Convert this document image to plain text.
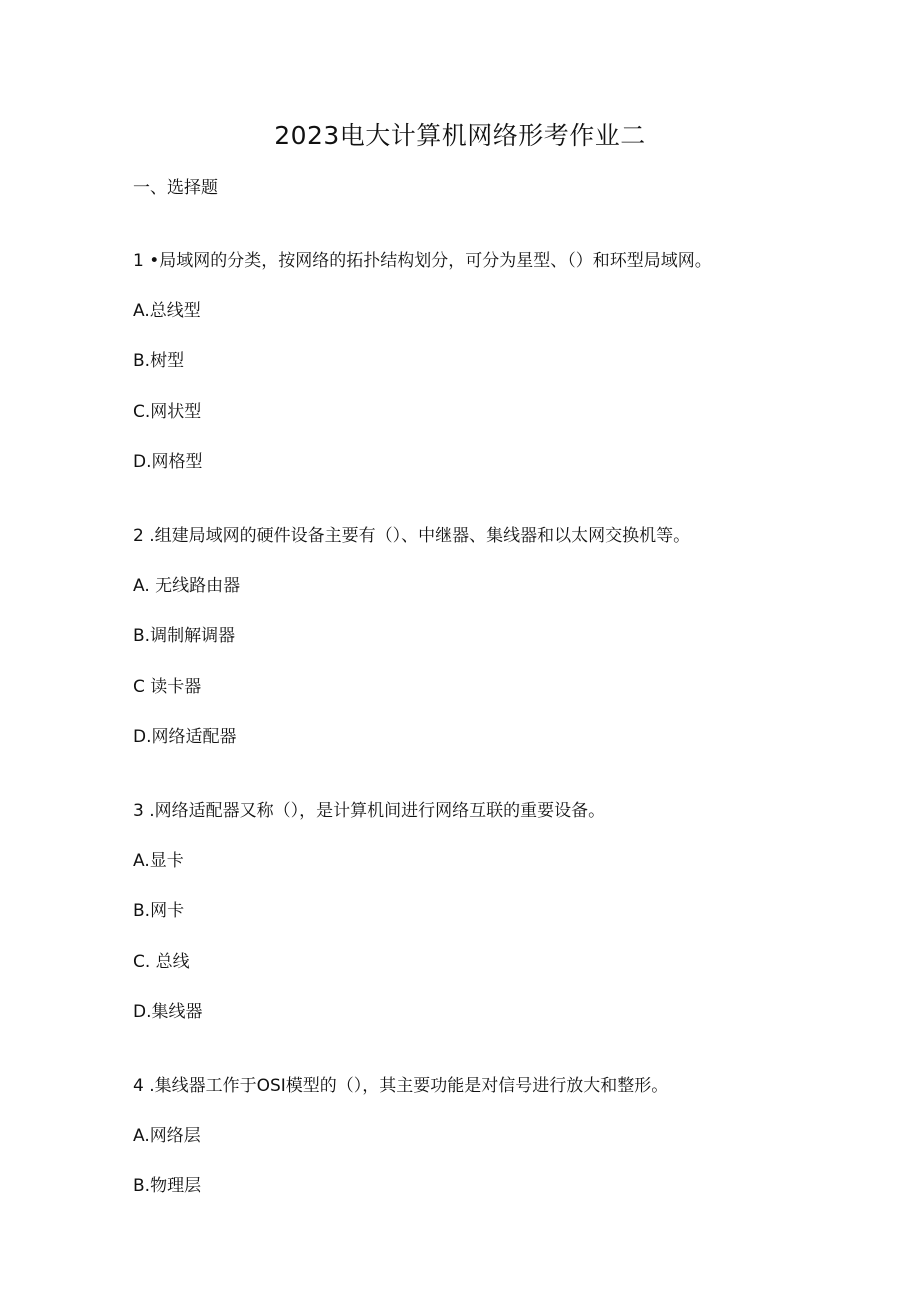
2023电大计算机网络形考作业二

一、选择题

1 •局域网的分类，按网络的拓扑结构划分，可分为星型、（）和环型局域网。

A.总线型

B.树型

C.网状型

D.网格型

2 .组建局域网的硬件设备主要有（）、中继器、集线器和以太网交换机等。

A. 无线路由器

B.调制解调器

C 读卡器

D.网络适配器

3 .网络适配器又称（），是计算机间进行网络互联的重要设备。

A.显卡

B.网卡

C. 总线

D.集线器

4 .集线器工作于OSI模型的（），其主要功能是对信号进行放大和整形。

A.网络层

B.物理层
